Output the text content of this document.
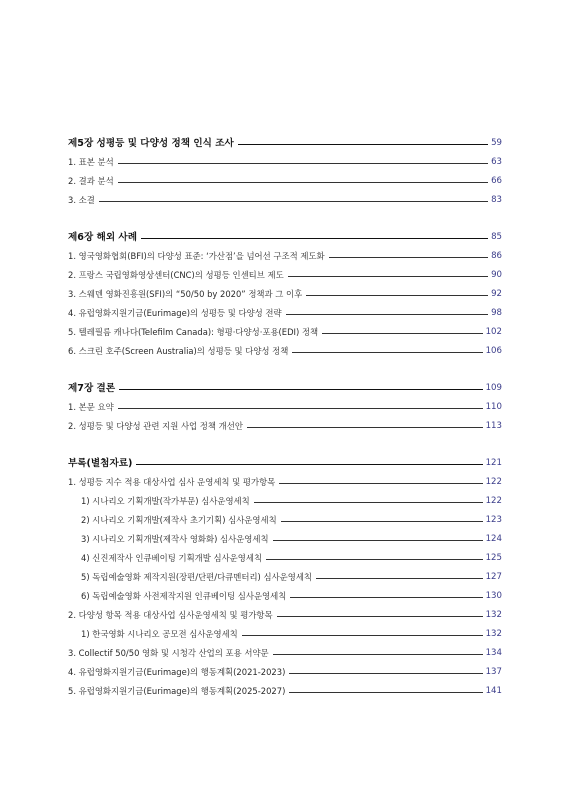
제5장 성평등 및 다양성 정책 인식 조사	59
1. 표본 분석	63
2. 결과 분석	66
3. 소결	83
제6장 해외 사례	85
1. 영국영화협회(BFI)의 다양성 표준: ‘가산점’을 넘어선 구조적 제도화	86
2. 프랑스 국립영화영상센터(CNC)의 성평등 인센티브 제도	90
3. 스웨덴 영화진흥원(SFI)의 “50/50 by 2020” 정책과 그 이후	92
4. 유럽영화지원기금(Eurimage)의 성평등 및 다양성 전략	98
5. 텔레필름 캐나다(Telefilm Canada): 형평·다양성·포용(EDI) 정책	102
6. 스크린 호주(Screen Australia)의 성평등 및 다양성 정책	106
제7장 결론	109
1. 본문 요약	110
2. 성평등 및 다양성 관련 지원 사업 정책 개선안	113
부록(별첨자료)	121
1. 성평등 지수 적용 대상사업 심사 운영세칙 및 평가항목	122
1) 시나리오 기획개발(작가부문) 심사운영세칙	122
2) 시나리오 기획개발(제작사 초기기획) 심사운영세칙	123
3) 시나리오 기획개발(제작사 영화화) 심사운영세칙	124
4) 신진제작사 인큐베이팅 기획개발 심사운영세칙	125
5) 독립예술영화 제작지원(장편/단편/다큐멘터리) 심사운영세칙	127
6) 독립예술영화 사전제작지원 인큐베이팅 심사운영세칙	130
2. 다양성 항목 적용 대상사업 심사운영세칙 및 평가항목	132
1) 한국영화 시나리오 공모전 심사운영세칙	132
3. Collectif 50/50 영화 및 시청각 산업의 포용 서약문	134
4. 유럽영화지원기금(Eurimage)의 행동계획(2021-2023)	137
5. 유럽영화지원기금(Eurimage)의 행동계획(2025-2027)	141
